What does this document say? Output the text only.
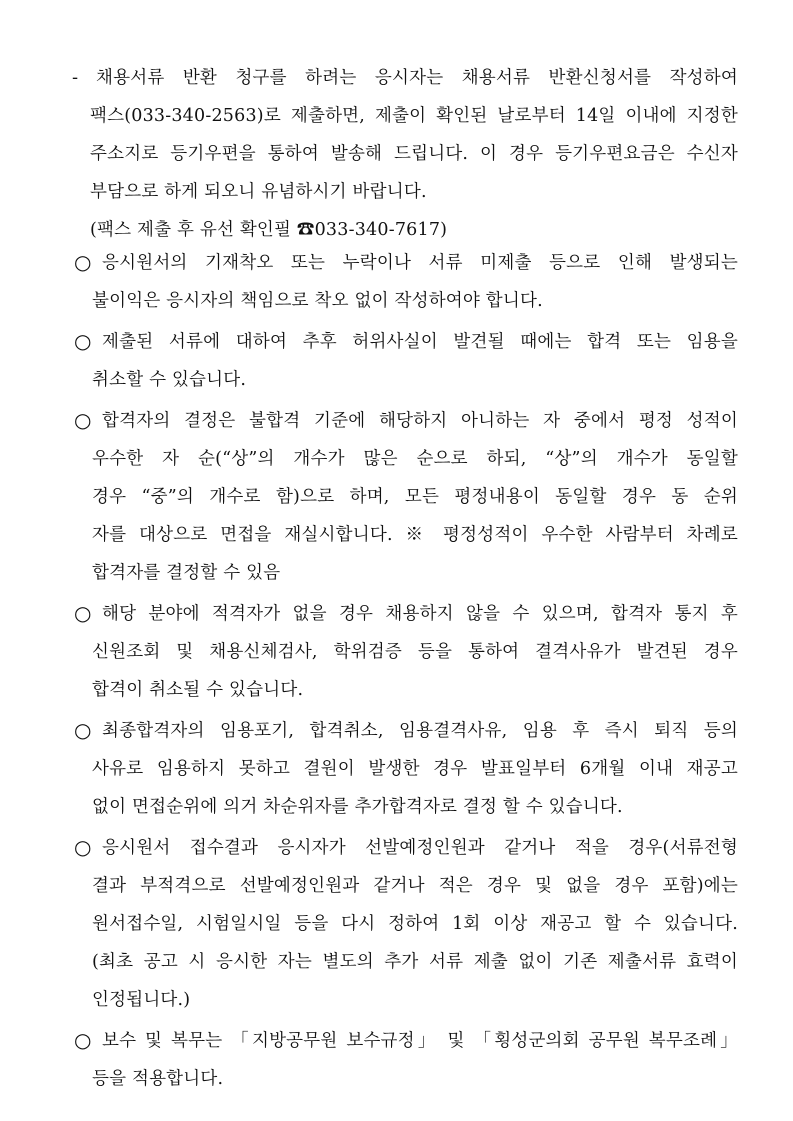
- 채용서류 반환 청구를 하려는 응시자는 채용서류 반환신청서를 작성하여
팩스(033-340-2563)로 제출하면, 제출이 확인된 날로부터 14일 이내에 지정한
주소지로 등기우편을 통하여 발송해 드립니다. 이 경우 등기우편요금은 수신자
부담으로 하게 되오니 유념하시기 바랍니다.
(팩스 제출 후 유선 확인필 ☎033-340-7617)
○ 응시원서의 기재착오 또는 누락이나 서류 미제출 등으로 인해 발생되는
불이익은 응시자의 책임으로 착오 없이 작성하여야 합니다.
○ 제출된 서류에 대하여 추후 허위사실이 발견될 때에는 합격 또는 임용을
취소할 수 있습니다.
○ 합격자의 결정은 불합격 기준에 해당하지 아니하는 자 중에서 평정 성적이
우수한 자 순(“상”의 개수가 많은 순으로 하되, “상”의 개수가 동일할
경우 “중”의 개수로 함)으로 하며, 모든 평정내용이 동일할 경우 동 순위
자를 대상으로 면접을 재실시합니다. ※ 평정성적이 우수한 사람부터 차례로
합격자를 결정할 수 있음
○ 해당 분야에 적격자가 없을 경우 채용하지 않을 수 있으며, 합격자 통지 후
신원조회 및 채용신체검사, 학위검증 등을 통하여 결격사유가 발견된 경우
합격이 취소될 수 있습니다.
○ 최종합격자의 임용포기, 합격취소, 임용결격사유, 임용 후 즉시 퇴직 등의
사유로 임용하지 못하고 결원이 발생한 경우 발표일부터 6개월 이내 재공고
없이 면접순위에 의거 차순위자를 추가합격자로 결정 할 수 있습니다.
○ 응시원서 접수결과 응시자가 선발예정인원과 같거나 적을 경우(서류전형
결과 부적격으로 선발예정인원과 같거나 적은 경우 및 없을 경우 포함)에는
원서접수일, 시험일시일 등을 다시 정하여 1회 이상 재공고 할 수 있습니다.
(최초 공고 시 응시한 자는 별도의 추가 서류 제출 없이 기존 제출서류 효력이
인정됩니다.)
○ 보수 및 복무는 「지방공무원 보수규정」 및 「횡성군의회 공무원 복무조례」
등을 적용합니다.
